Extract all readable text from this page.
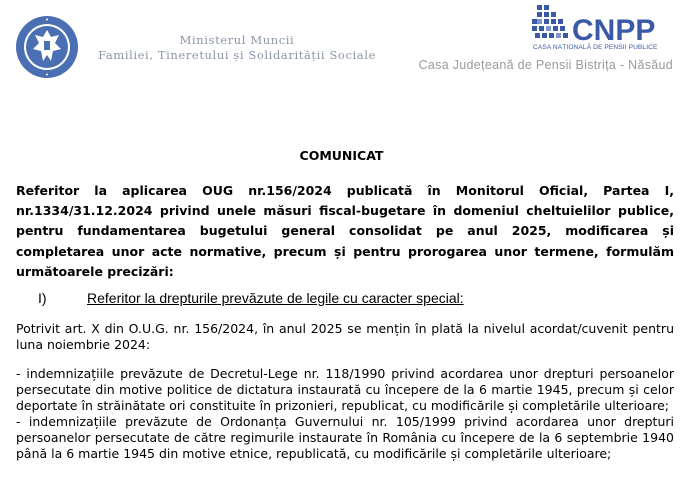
Ministerul Muncii
Familiei, Tineretului și Solidarității Sociale
CNPP
CASA NAȚIONALĂ DE PENSII PUBLICE
Casa Județeană de Pensii Bistrița - Năsăud
COMUNICAT
Referitor la aplicarea OUG nr.156/2024 publicată în Monitorul Oficial, Partea I, nr.1334/31.12.2024 privind unele măsuri fiscal-bugetare în domeniul cheltuielilor publice, pentru fundamentarea bugetului general consolidat pe anul 2025, modificarea și completarea unor acte normative, precum și pentru prorogarea unor termene, formulăm următoarele precizări:
I)	Referitor la drepturile prevăzute de legile cu caracter special:

Potrivit art. X din O.U.G. nr. 156/2024, în anul 2025 se mențin în plată la nivelul acordat/cuvenit pentru luna noiembrie 2024:

- indemnizațiile prevăzute de Decretul-Lege nr. 118/1990 privind acordarea unor drepturi persoanelor persecutate din motive politice de dictatura instaurată cu începere de la 6 martie 1945, precum și celor deportate în străinătate ori constituite în prizonieri, republicat, cu modificările și completările ulterioare;
- indemnizațiile prevăzute de Ordonanța Guvernului nr. 105/1999 privind acordarea unor drepturi persoanelor persecutate de către regimurile instaurate în România cu începere de la 6 septembrie 1940 până la 6 martie 1945 din motive etnice, republicată, cu modificările și completările ulterioare;
